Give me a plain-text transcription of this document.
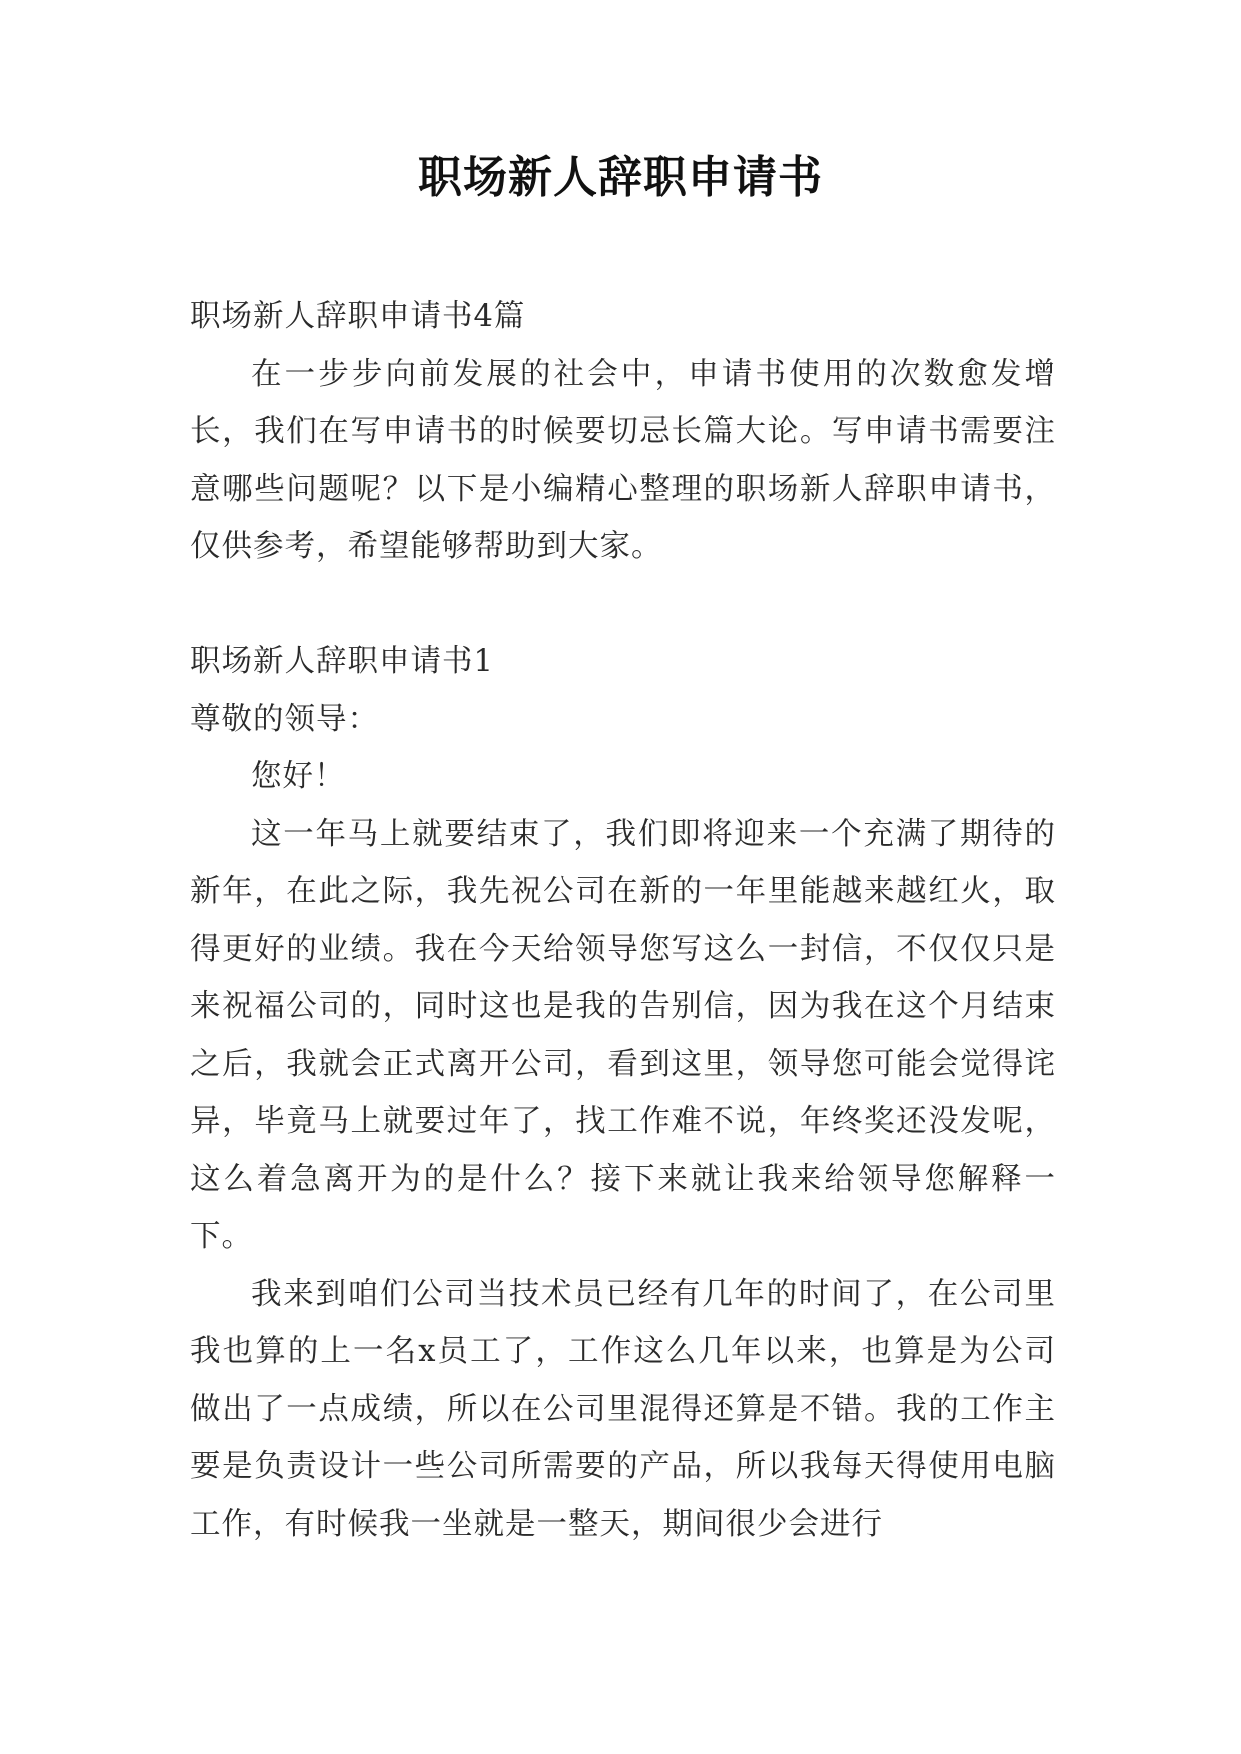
职场新人辞职申请书

职场新人辞职申请书4篇

在一步步向前发展的社会中，申请书使用的次数愈发增长，我们在写申请书的时候要切忌长篇大论。写申请书需要注意哪些问题呢？以下是小编精心整理的职场新人辞职申请书，仅供参考，希望能够帮助到大家。

职场新人辞职申请书1

尊敬的领导：

您好！

这一年马上就要结束了，我们即将迎来一个充满了期待的新年，在此之际，我先祝公司在新的一年里能越来越红火，取得更好的业绩。我在今天给领导您写这么一封信，不仅仅只是来祝福公司的，同时这也是我的告别信，因为我在这个月结束之后，我就会正式离开公司，看到这里，领导您可能会觉得诧异，毕竟马上就要过年了，找工作难不说，年终奖还没发呢，这么着急离开为的是什么？接下来就让我来给领导您解释一下。

我来到咱们公司当技术员已经有几年的时间了，在公司里我也算的上一名x员工了，工作这么几年以来，也算是为公司做出了一点成绩，所以在公司里混得还算是不错。我的工作主要是负责设计一些公司所需要的产品，所以我每天得使用电脑工作，有时候我一坐就是一整天，期间很少会进行
